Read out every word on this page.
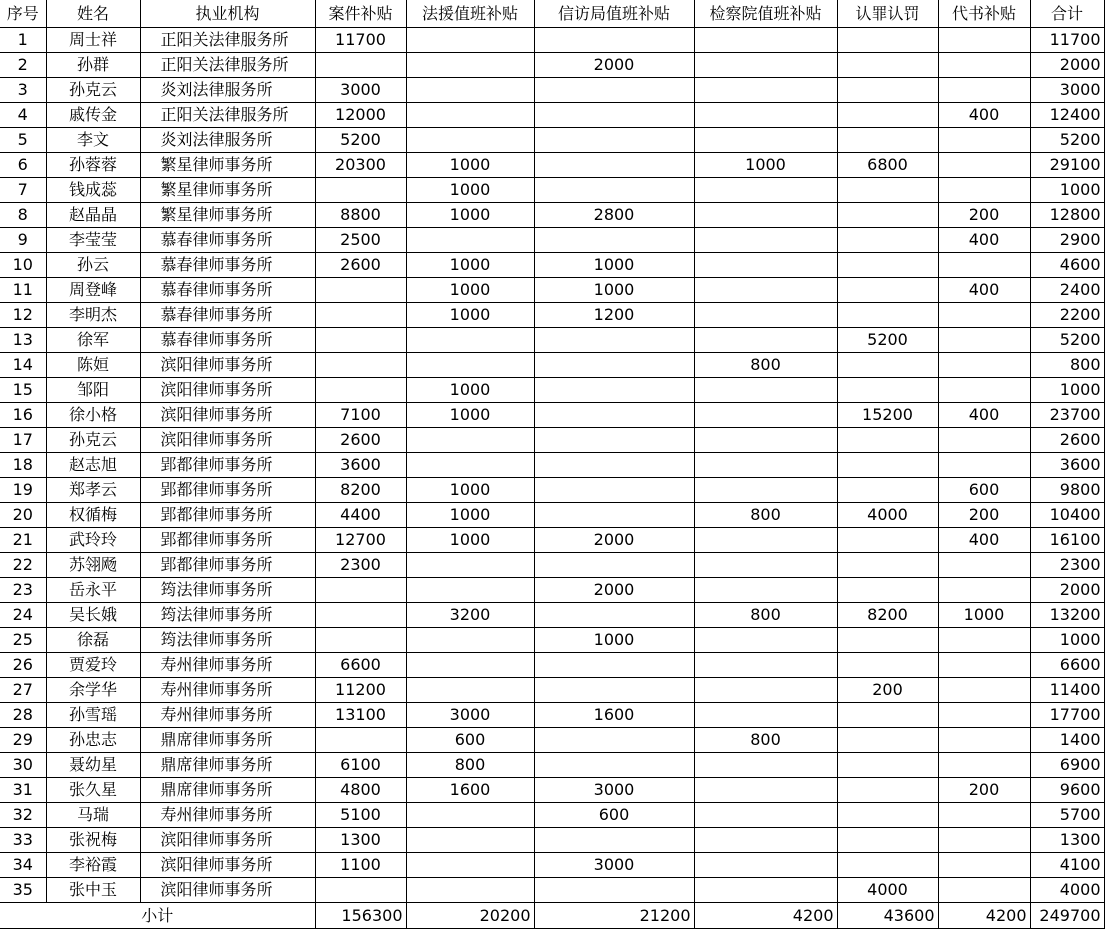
序号	姓名	执业机构	案件补贴	法援值班补贴	信访局值班补贴	检察院值班补贴	认罪认罚	代书补贴	合计
1	周士祥	正阳关法律服务所	11700						11700
2	孙群	正阳关法律服务所			2000				2000
3	孙克云	炎刘法律服务所	3000						3000
4	戚传金	正阳关法律服务所	12000					400	12400
5	李文	炎刘法律服务所	5200						5200
6	孙蓉蓉	繁星律师事务所	20300	1000		1000	6800		29100
7	钱成蕊	繁星律师事务所		1000					1000
8	赵晶晶	繁星律师事务所	8800	1000	2800			200	12800
9	李莹莹	慕春律师事务所	2500					400	2900
10	孙云	慕春律师事务所	2600	1000	1000				4600
11	周登峰	慕春律师事务所		1000	1000			400	2400
12	李明杰	慕春律师事务所		1000	1200				2200
13	徐军	慕春律师事务所					5200		5200
14	陈姮	滨阳律师事务所				800			800
15	邹阳	滨阳律师事务所		1000					1000
16	徐小格	滨阳律师事务所	7100	1000			15200	400	23700
17	孙克云	滨阳律师事务所	2600						2600
18	赵志旭	郢都律师事务所	3600						3600
19	郑孝云	郢都律师事务所	8200	1000				600	9800
20	权循梅	郢都律师事务所	4400	1000		800	4000	200	10400
21	武玲玲	郢都律师事务所	12700	1000	2000			400	16100
22	苏翎飏	郢都律师事务所	2300						2300
23	岳永平	筠法律师事务所			2000				2000
24	吴长娥	筠法律师事务所		3200		800	8200	1000	13200
25	徐磊	筠法律师事务所			1000				1000
26	贾爱玲	寿州律师事务所	6600						6600
27	余学华	寿州律师事务所	11200				200		11400
28	孙雪瑶	寿州律师事务所	13100	3000	1600				17700
29	孙忠志	鼎席律师事务所		600		800			1400
30	聂幼星	鼎席律师事务所	6100	800					6900
31	张久星	鼎席律师事务所	4800	1600	3000			200	9600
32	马瑞	寿州律师事务所	5100		600				5700
33	张祝梅	滨阳律师事务所	1300						1300
34	李裕霞	滨阳律师事务所	1100		3000				4100
35	张中玉	滨阳律师事务所					4000		4000
小计			156300	20200	21200	4200	43600	4200	249700
